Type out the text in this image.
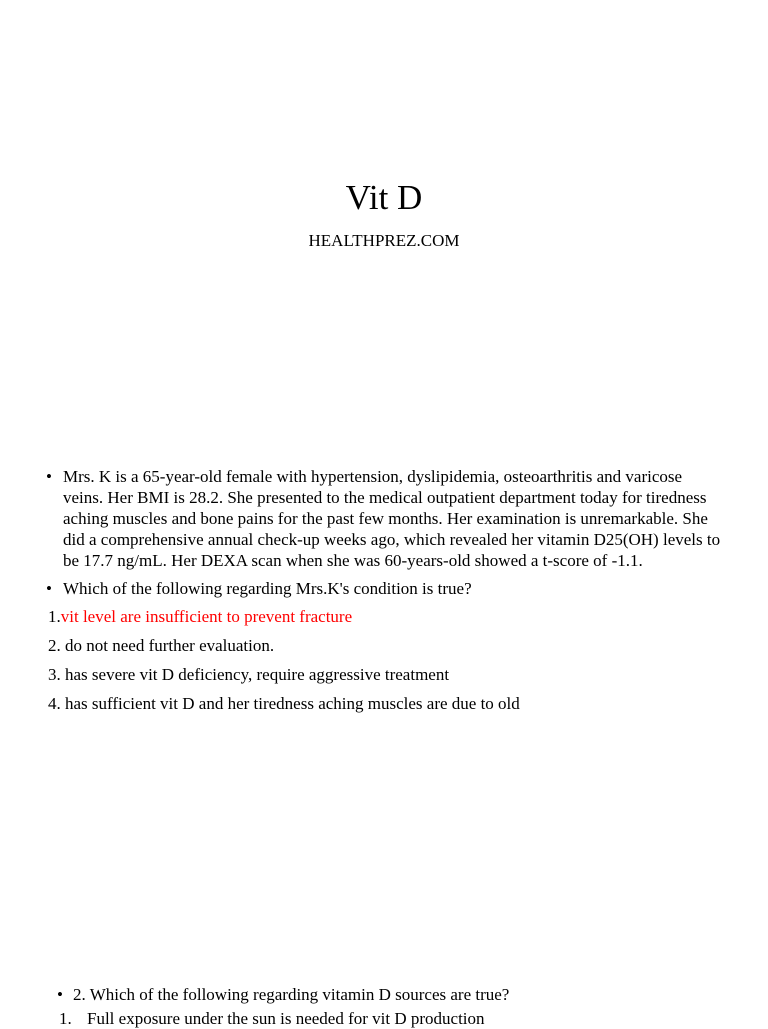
Vit D
HEALTHPREZ.COM
• Mrs. K is a 65-year-old female with hypertension, dyslipidemia, osteoarthritis and varicose veins. Her BMI is 28.2. She presented to the medical outpatient department today for tiredness aching muscles and bone pains for the past few months. Her examination is unremarkable. She did a comprehensive annual check-up weeks ago, which revealed her vitamin D25(OH) levels to be 17.7 ng/mL. Her DEXA scan when she was 60-years-old showed a t-score of -1.1.
• Which of the following regarding Mrs.K's condition is true?
1.vit level are insufficient to prevent fracture
2. do not need further evaluation.
3. has severe vit D deficiency, require aggressive treatment
4. has sufficient vit D and her tiredness aching muscles are due to old
• 2. Which of the following regarding vitamin D sources are true?
1. Full exposure under the sun is needed for vit D production
